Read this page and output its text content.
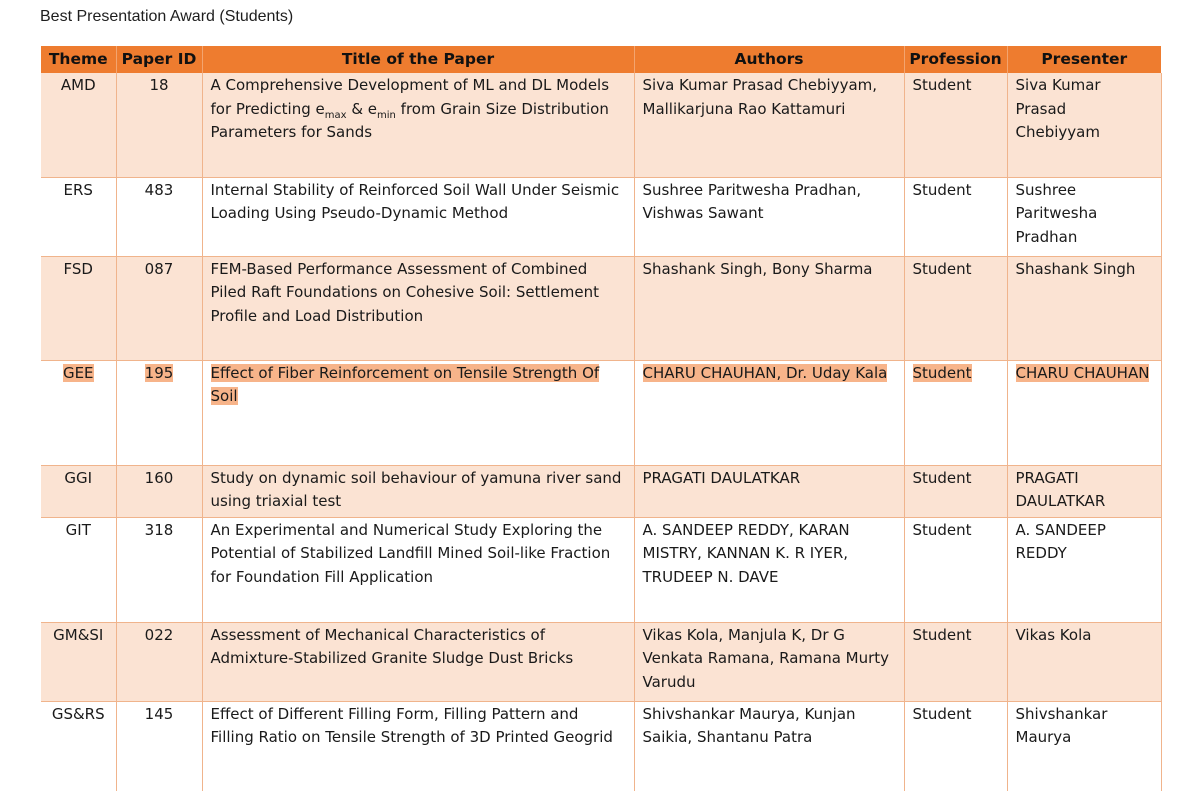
Best Presentation Award (Students)
Theme	Paper ID	Title of the Paper	Authors	Profession	Presenter
AMD	18	A Comprehensive Development of ML and DL Models for Predicting $e_{max}$ & $e_{min}$ from Grain Size Distribution Parameters for Sands	Siva Kumar Prasad Chebiyyam, Mallikarjuna Rao Kattamuri	Student	Siva Kumar Prasad Chebiyyam
ERS	483	Internal Stability of Reinforced Soil Wall Under Seismic Loading Using Pseudo-Dynamic Method	Sushree Paritwesha Pradhan, Vishwas Sawant	Student	Sushree Paritwesha Pradhan
FSD	087	FEM-Based Performance Assessment of Combined Piled Raft Foundations on Cohesive Soil: Settlement Profile and Load Distribution	Shashank Singh, Bony Sharma	Student	Shashank Singh
GEE	195	Effect of Fiber Reinforcement on Tensile Strength Of Soil	CHARU CHAUHAN, Dr. Uday Kala	Student	CHARU CHAUHAN
GGI	160	Study on dynamic soil behaviour of yamuna river sand using triaxial test	PRAGATI DAULATKAR	Student	PRAGATI DAULATKAR
GIT	318	An Experimental and Numerical Study Exploring the Potential of Stabilized Landfill Mined Soil-like Fraction for Foundation Fill Application	A. SANDEEP REDDY, KARAN MISTRY, KANNAN K. R IYER, TRUDEEP N. DAVE	Student	A. SANDEEP REDDY
GM&SI	022	Assessment of Mechanical Characteristics of Admixture-Stabilized Granite Sludge Dust Bricks	Vikas Kola, Manjula K, Dr G Venkata Ramana, Ramana Murty Varudu	Student	Vikas Kola
GS&RS	145	Effect of Different Filling Form, Filling Pattern and Filling Ratio on Tensile Strength of 3D Printed Geogrid	Shivshankar Maurya, Kunjan Saikia, Shantanu Patra	Student	Shivshankar Maurya
